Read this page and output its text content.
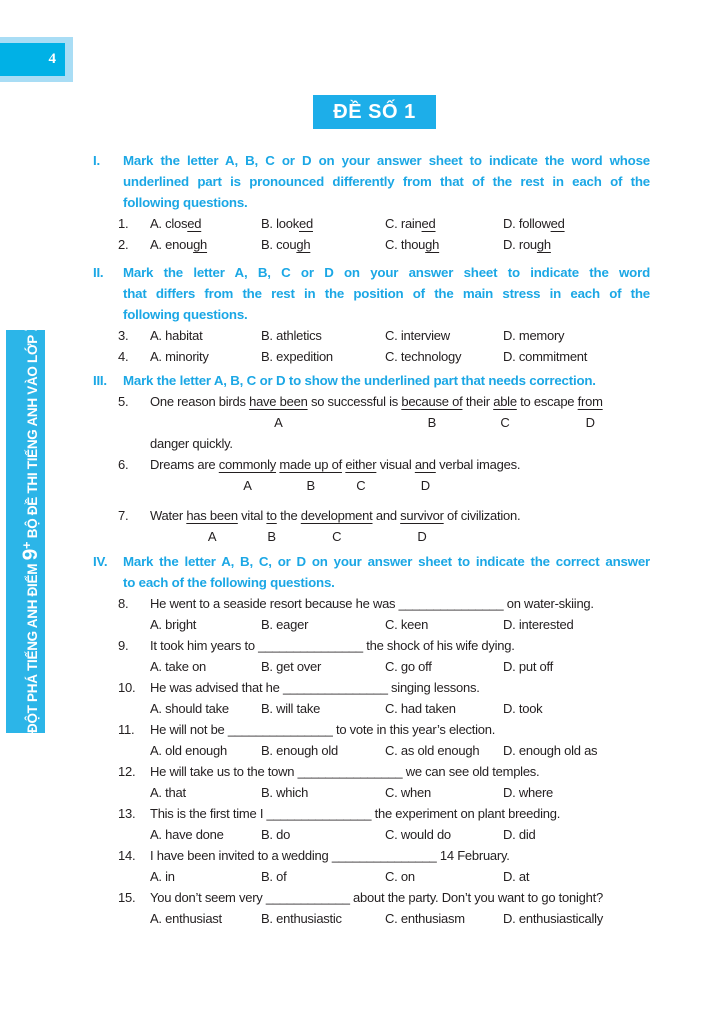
4
ĐỘT PHÁ TIẾNG ANH ĐIỂM 9+ BỘ ĐỀ THI TIẾNG ANH VÀO LỚP 10
ĐỀ SỐ 1
I. Mark the letter A, B, C or D on your answer sheet to indicate the word whose
underlined part is pronounced differently from that of the rest in each of the
following questions.
1.	A. closed	B. looked	C. rained	D. followed
2.	A. enough	B. cough	C. though	D. rough
II. Mark the letter A, B, C or D on your answer sheet to indicate the word
that differs from the rest in the position of the main stress in each of the
following questions.
3.	A. habitat	B. athletics	C. interview	D. memory
4.	A. minority	B. expedition	C. technology	D. commitment
III. Mark the letter A, B, C or D to show the underlined part that needs correction.
5.	One reason birds have been
A
so successful is because of
B
their able
C
to escape from
D
danger quickly.
6.	Dreams are commonly
A
made up of
B
either
C
visual and
D
verbal images.
7.	Water has been
A
vital to
B
the development
C
and survivor
D
of civilization.
IV. Mark the letter A, B, C, or D on your answer sheet to indicate the correct answer
to each of the following questions.
8.	He went to a seaside resort because he was _______________ on water-skiing.
A. bright	B. eager	C. keen	D. interested
9.	It took him years to _______________ the shock of his wife dying.
A. take on	B. get over	C. go off	D. put off
10.	He was advised that he _______________ singing lessons.
A. should take	B. will take	C. had taken	D. took
11.	He will not be _______________ to vote in this year’s election.
A. old enough	B. enough old	C. as old enough	D. enough old as
12.	He will take us to the town _______________ we can see old temples.
A. that	B. which	C. when	D. where
13.	This is the first time I _______________ the experiment on plant breeding.
A. have done	B. do	C. would do	D. did
14.	I have been invited to a wedding _______________ 14 February.
A. in	B. of	C. on	D. at
15.	You don’t seem very ____________ about the party. Don’t you want to go tonight?
A. enthusiast	B. enthusiastic	C. enthusiasm	D. enthusiastically
